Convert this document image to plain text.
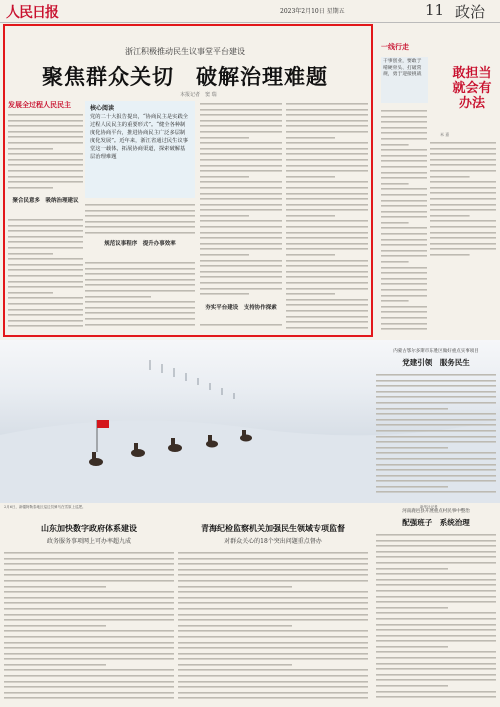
人民日报	2023年2月10日 星期五	11 政治
浙江积极推动民生议事堂平台建设
聚焦群众关切　破解治理难题
本报记者　窦 瑞
发展全过程人民民主
聚合民意多　吸纳治理建议
核心阅读
党的二十大报告提出，“协商民主是实践全过程人民民主的重要形式”。“健全各种制度化协商平台，推进协商民主广泛多层制度化发展”。近年来，浙江省通过民生议事堂这一载体，拓展协商渠道，探索破解基层治理难题
规范议事程序　提升办事效率
夯实平台建设　支持协作探索
一线行走
干事创业，要敢于啃硬骨头、打破常规，勇于迎接挑战	敢担当就会有办法
米 嘉
2月6日，新疆阿勒泰地区巡边员骑马在雪原上巡逻。	新华社记者
山东加快数字政府体系建设
政务服务事项网上可办率超九成
青海纪检监察机关加强民生领域专项监督
对群众关心的18个突出问题重点督办
内蒙古鄂尔多斯市东胜区做好重点实事项目
党建引领　服务民生
河南鹿邑县开展重点村民事中整治
配强班子　系统治理
